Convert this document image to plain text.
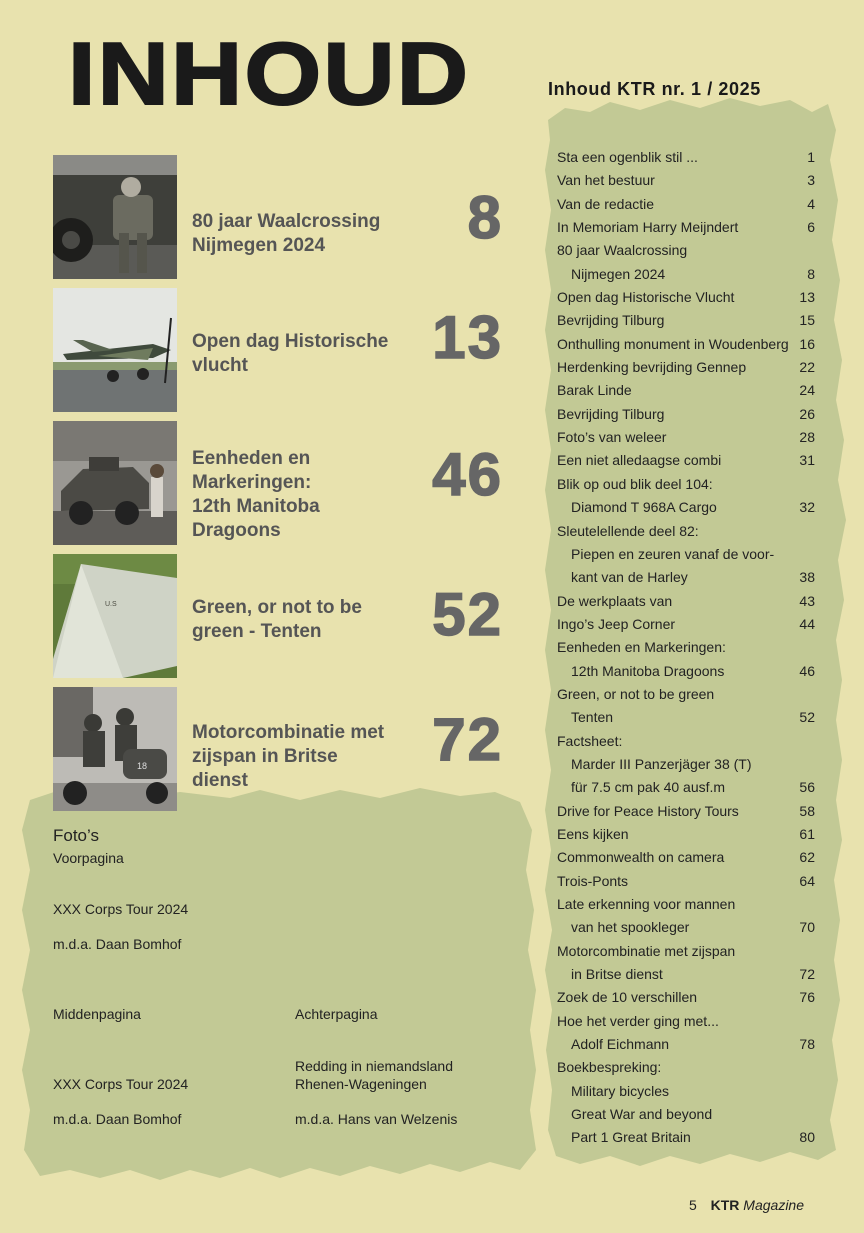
INHOUD	Inhoud KTR nr. 1 / 2025
80 jaar Waalcrossing
Nijmegen 2024	8
Open dag Historische
vlucht	13
Eenheden en
Markeringen:
12th Manitoba
Dragoons
46
U.S	Green, or not to be
green - Tenten	52
18
Motorcombinatie met
zijspan in Britse
dienst
72
Foto’s
Voorpagina
XXX Corps Tour 2024
m.d.a. Daan Bomhof
Middenpagina
XXX Corps Tour 2024
m.d.a. Daan Bomhof
Achterpagina
Redding in niemandsland
Rhenen-Wageningen
m.d.a. Hans van Welzenis
Sta een ogenblik stil ...	1
Van het bestuur	3
Van de redactie	4
In Memoriam Harry Meijndert	6
80 jaar Waalcrossing
Nijmegen 2024	8
Open dag Historische Vlucht	13
Bevrijding Tilburg	15
Onthulling monument in Woudenberg 16
Herdenking bevrijding Gennep	22
Barak Linde	24
Bevrijding Tilburg	26
Foto’s van weleer	28
Een niet alledaagse combi	31
Blik op oud blik deel 104:
Diamond T 968A Cargo	32
Sleutelellende deel 82:
Piepen en zeuren vanaf de voor-
kant van de Harley	38
De werkplaats van	43
Ingo’s Jeep Corner	44
Eenheden en Markeringen:
12th Manitoba Dragoons	46
Green, or not to be green
Tenten	52
Factsheet:
Marder III Panzerjäger 38 (T)
für 7.5 cm pak 40 ausf.m	56
Drive for Peace History Tours	58
Eens kijken	61
Commonwealth on camera	62
Trois-Ponts	64
Late erkenning voor mannen
van het spookleger	70
Motorcombinatie met zijspan
in Britse dienst	72
Zoek de 10 verschillen	76
Hoe het verder ging met...
Adolf Eichmann	78
Boekbespreking:
Military bicycles
Great War and beyond
Part 1 Great Britain	80
5 KTR Magazine
